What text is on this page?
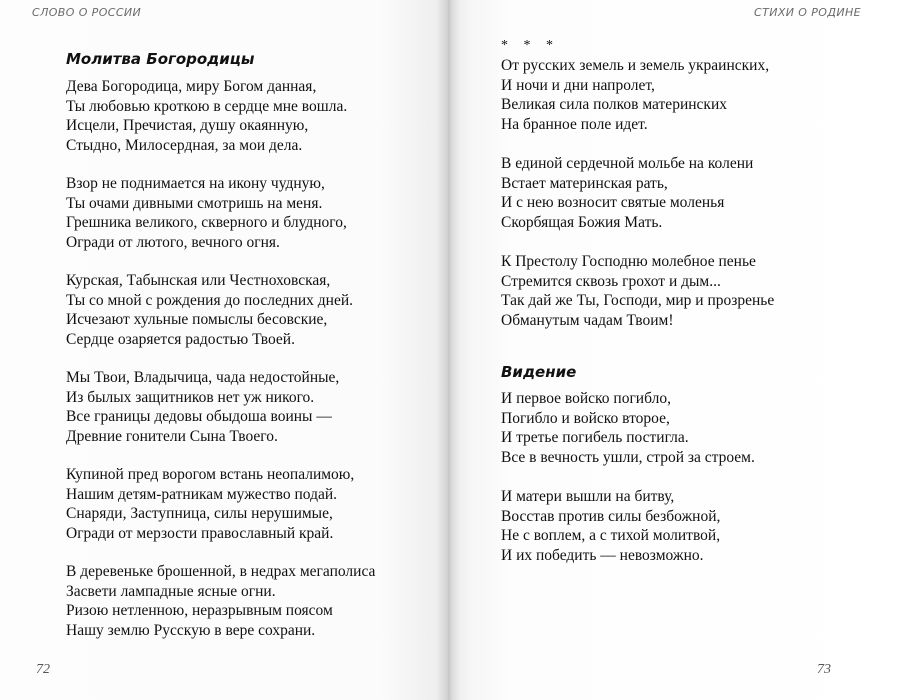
СЛОВО О РОССИИ
Молитва Богородицы
Дева Богородица, миру Богом данная,
Ты любовью кроткою в сердце мне вошла.
Исцели, Пречистая, душу окаянную,
Стыдно, Милосердная, за мои дела.
Взор не поднимается на икону чудную,
Ты очами дивными смотришь на меня.
Грешника великого, скверного и блудного,
Огради от лютого, вечного огня.
Курская, Табынская или Честноховская,
Ты со мной с рождения до последних дней.
Исчезают хульные помыслы бесовские,
Сердце озаряется радостью Твоей.
Мы Твои, Владычица, чада недостойные,
Из былых защитников нет уж никого.
Все границы дедовы обыдоша воины —
Древние гонители Сына Твоего.
Купиной пред ворогом встань неопалимою,
Нашим детям-ратникам мужество подай.
Снаряди, Заступница, силы нерушимые,
Огради от мерзости православный край.
В деревеньке брошенной, в недрах мегаполиса
Засвети лампадные ясные огни.
Ризою нетленною, неразрывным поясом
Нашу землю Русскую в вере сохрани.
72
СТИХИ О РОДИНЕ
* * *
От русских земель и земель украинских,
И ночи и дни напролет,
Великая сила полков материнских
На бранное поле идет.
В единой сердечной мольбе на колени
Встает материнская рать,
И с нею возносит святые моленья
Скорбящая Божия Мать.
К Престолу Господню молебное пенье
Стремится сквозь грохот и дым...
Так дай же Ты, Господи, мир и прозренье
Обманутым чадам Твоим!
Видение
И первое войско погибло,
Погибло и войско второе,
И третье погибель постигла.
Все в вечность ушли, строй за строем.
И матери вышли на битву,
Восстав против силы безбожной,
Не с воплем, а с тихой молитвой,
И их победить — невозможно.
73
